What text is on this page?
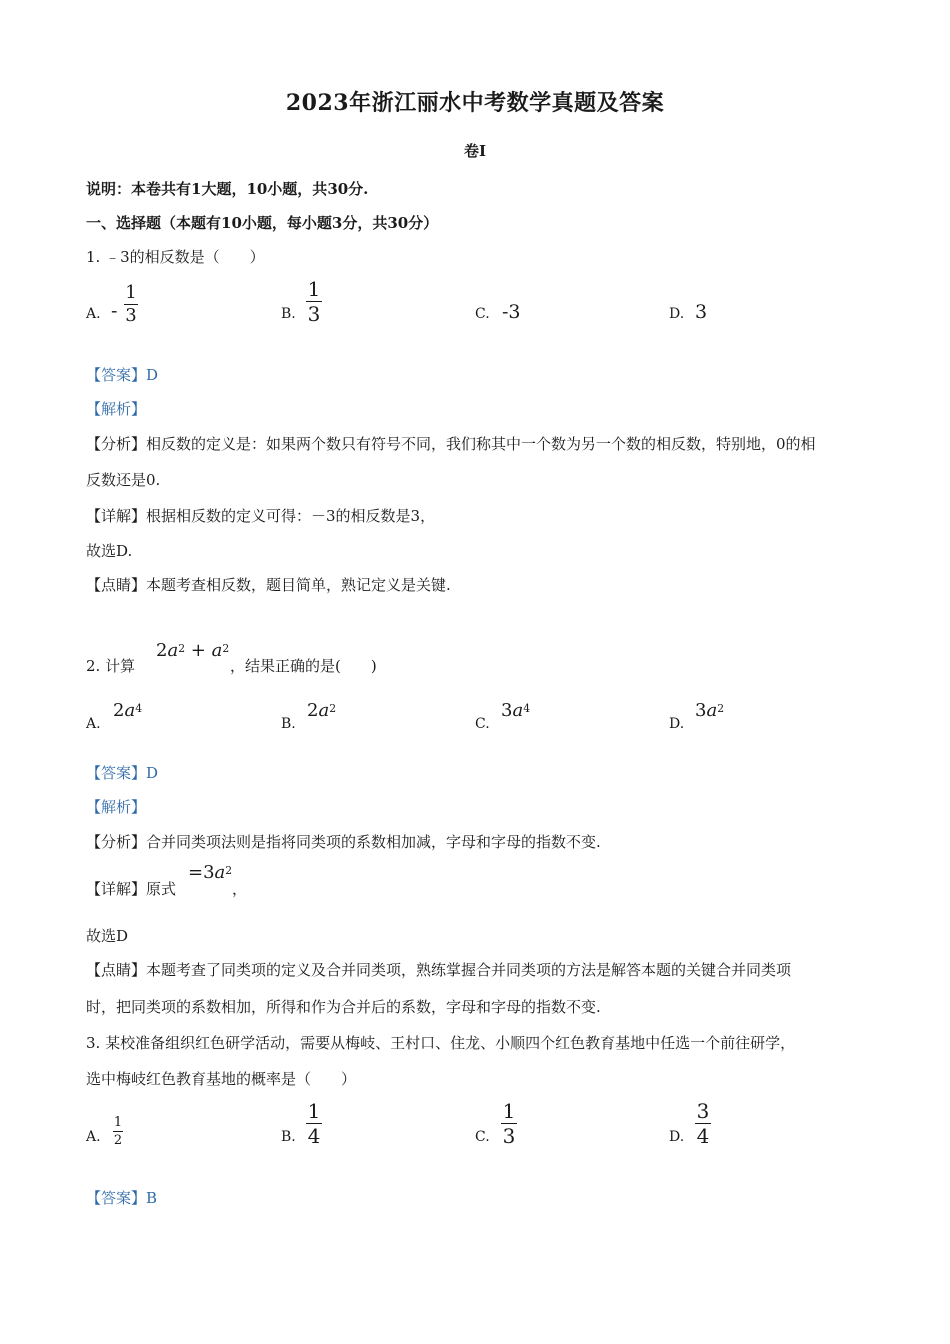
2023年浙江丽水中考数学真题及答案
卷Ⅰ
说明：本卷共有1大题，10小题，共30分.
一、选择题（本题有10小题，每小题3分，共30分）
1. ﹣3的相反数是（　　）
A. -
1
3	B.
1
3	C. -3	D. 3
【答案】D
【解析】
【分析】相反数的定义是：如果两个数只有符号不同，我们称其中一个数为另一个数的相反数，特别地，0的相
反数还是0.
【详解】根据相反数的定义可得：－3的相反数是3，
故选D.
【点睛】本题考查相反数，题目简单，熟记定义是关键.
2. 计算
$2a^2 + a^2$
，结果正确的是(　　)
A.
$2a^4$
B.
$2a^2$
C.
$3a^4$
D.
$3a^2$
【答案】D
【解析】
【分析】合并同类项法则是指将同类项的系数相加减，字母和字母的指数不变.
【详解】原式
$=3a^2$
，
故选D
【点睛】本题考查了同类项的定义及合并同类项，熟练掌握合并同类项的方法是解答本题的关键合并同类项
时，把同类项的系数相加，所得和作为合并后的系数，字母和字母的指数不变.
3. 某校准备组织红色研学活动，需要从梅岐、王村口、住龙、小顺四个红色教育基地中任选一个前往研学，
选中梅岐红色教育基地的概率是（　　）
A.
1
2	B.
1
4	C.
1
3	D.
3
4
【答案】B
